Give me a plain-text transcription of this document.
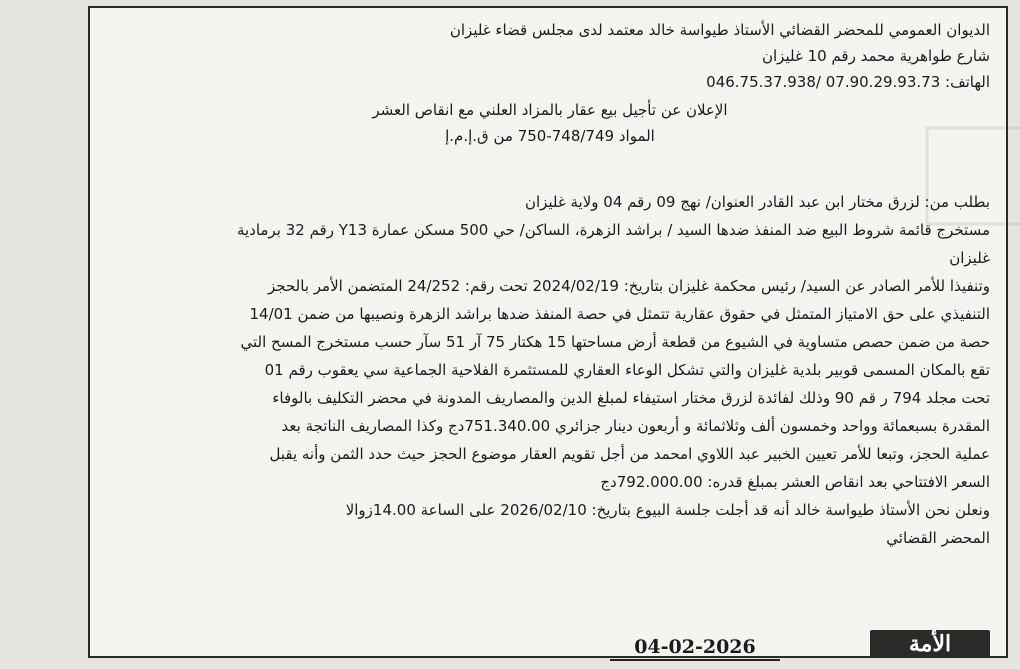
الديوان العمومي للمحضر القضائي الأستاذ طيواسة خالد معتمد لدى مجلس قضاء غليزان
شارع طواهرية محمد رقم 10 غليزان
الهاتف: 07.90.29.93.73 /046.75.37.938
الإعلان عن تأجيل بيع عقار بالمزاد العلني مع انقاص العشر
المواد 748/749-750 من ق.إ.م.إ
بطلب من: لزرق مختار ابن عبد القادر العنوان/ نهج 09 رقم 04 ولاية غليزان
مستخرج قائمة شروط البيع ضد المنفذ ضدها السيد / براشد الزهرة، الساكن/ حي 500 مسكن عمارة Y13 رقم 32 برمادية
غليزان
وتنفيذا للأمر الصادر عن السيد/ رئيس محكمة غليزان بتاريخ: 2024/02/19 تحت رقم: 24/252 المتضمن الأمر بالحجز
التنفيذي على حق الامتياز المتمثل في حقوق عقارية تتمثل في حصة المنفذ ضدها براشد الزهرة ونصيبها من ضمن 14/01
حصة من ضمن حصص متساوية في الشيوع من قطعة أرض مساحتها 15 هكتار 75 آر 51 سآر حسب مستخرج المسح التي
تقع بالمكان المسمى قوبير بلدية غليزان والتي تشكل الوعاء العقاري للمستثمرة الفلاحية الجماعية سي يعقوب رقم 01
تحت مجلد 794 ر قم 90 وذلك لفائدة لزرق مختار استيفاء لمبلغ الدين والمصاريف المدونة في محضر التكليف بالوفاء
المقدرة بسبعمائة وواحد وخمسون ألف وثلاثمائة و أربعون دينار جزائري 751.340.00دج وكذا المصاريف الناتجة بعد
عملية الحجز، وتبعا للأمر تعيين الخبير عبد اللاوي امحمد من أجل تقويم العقار موضوع الحجز حيث حدد الثمن وأنه يقبل
السعر الافتتاحي بعد انقاص العشر بمبلغ قدره: 792.000.00دج
ونعلن نحن الأستاذ طيواسة خالد أنه قد أجلت جلسة البيوع بتاريخ: 2026/02/10 على الساعة 14.00زوالا
المحضر القضائي
04-02-2026	الأمة
